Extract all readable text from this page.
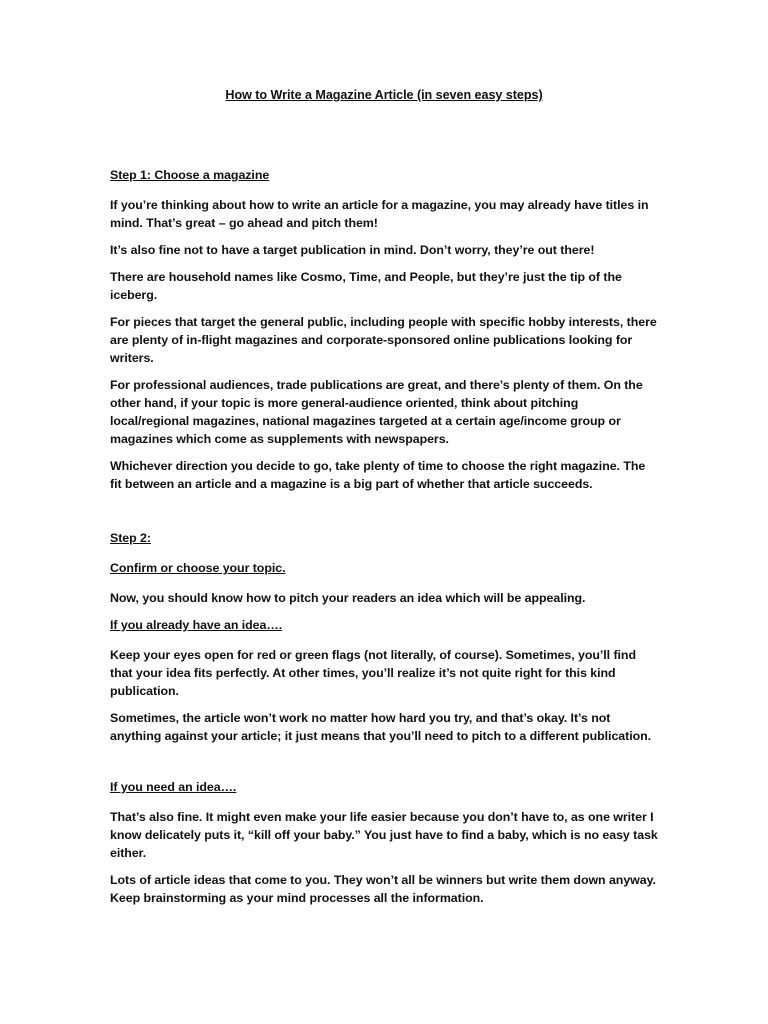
How to Write a Magazine Article (in seven easy steps)
Step 1: Choose a magazine

If you’re thinking about how to write an article for a magazine, you may already have titles in mind. That’s great – go ahead and pitch them!

It’s also fine not to have a target publication in mind. Don’t worry, they’re out there!

There are household names like Cosmo, Time, and People, but they’re just the tip of the iceberg.

For pieces that target the general public, including people with specific hobby interests, there are plenty of in-flight magazines and corporate-sponsored online publications looking for writers.

For professional audiences, trade publications are great, and there’s plenty of them. On the other hand, if your topic is more general-audience oriented, think about pitching local/regional magazines, national magazines targeted at a certain age/income group or magazines which come as supplements with newspapers.

Whichever direction you decide to go, take plenty of time to choose the right magazine. The fit between an article and a magazine is a big part of whether that article succeeds.

Step 2:
Confirm or choose your topic.

Now, you should know how to pitch your readers an idea which will be appealing.

If you already have an idea….

Keep your eyes open for red or green flags (not literally, of course). Sometimes, you’ll find that your idea fits perfectly. At other times, you’ll realize it’s not quite right for this kind publication.

Sometimes, the article won’t work no matter how hard you try, and that’s okay. It’s not anything against your article; it just means that you’ll need to pitch to a different publication.

If you need an idea….

That’s also fine. It might even make your life easier because you don’t have to, as one writer I know delicately puts it, “kill off your baby.” You just have to find a baby, which is no easy task either.

Lots of article ideas that come to you. They won’t all be winners but write them down anyway. Keep brainstorming as your mind processes all the information.
